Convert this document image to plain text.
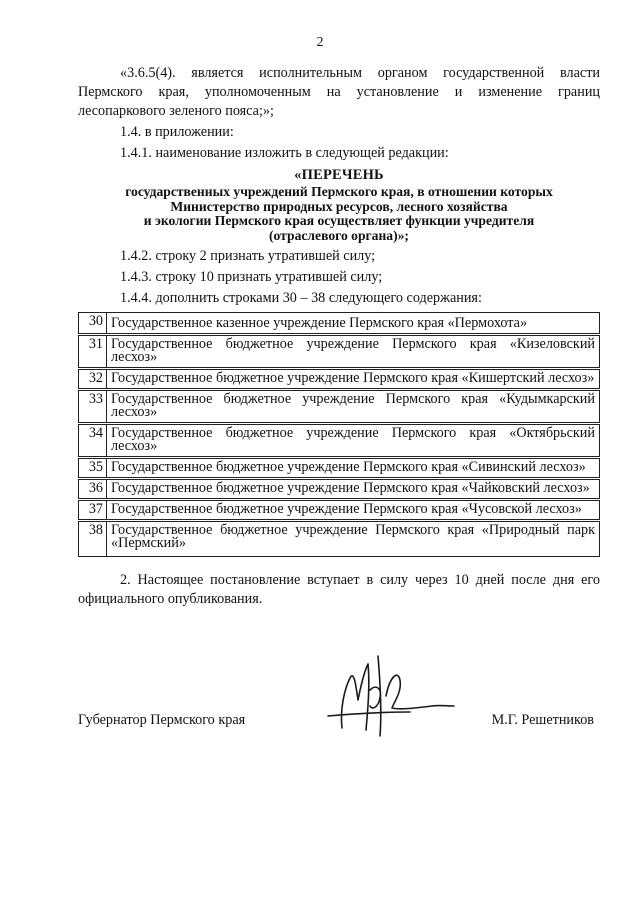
2

«3.6.5(4). является исполнительным органом государственной власти Пермского края, уполномоченным на установление и изменение границ лесопаркового зеленого пояса;»;

1.4. в приложении:

1.4.1. наименование изложить в следующей редакции:

«ПЕРЕЧЕНЬ
государственных учреждений Пермского края, в отношении которых
Министерство природных ресурсов, лесного хозяйства
и экологии Пермского края осуществляет функции учредителя
(отраслевого органа)»;

1.4.2. строку 2 признать утратившей силу;

1.4.3. строку 10 признать утратившей силу;

1.4.4. дополнить строками 30 – 38 следующего содержания:

30	Государственное казенное учреждение Пермского края «Пермохота»
31	Государственное бюджетное учреждение Пермского края «Кизеловский лесхоз»
32	Государственное бюджетное учреждение Пермского края «Кишертский лесхоз»
33	Государственное бюджетное учреждение Пермского края «Кудымкарский лесхоз»
34	Государственное бюджетное учреждение Пермского края «Октябрьский лесхоз»
35	Государственное бюджетное учреждение Пермского края «Сивинский лесхоз»
36	Государственное бюджетное учреждение Пермского края «Чайковский лесхоз»
37	Государственное бюджетное учреждение Пермского края «Чусовской лесхоз»
38	Государственное бюджетное учреждение Пермского края «Природный парк «Пермский»

2. Настоящее постановление вступает в силу через 10 дней после дня его официального опубликования.

Губернатор Пермского края	М.Г. Решетников
